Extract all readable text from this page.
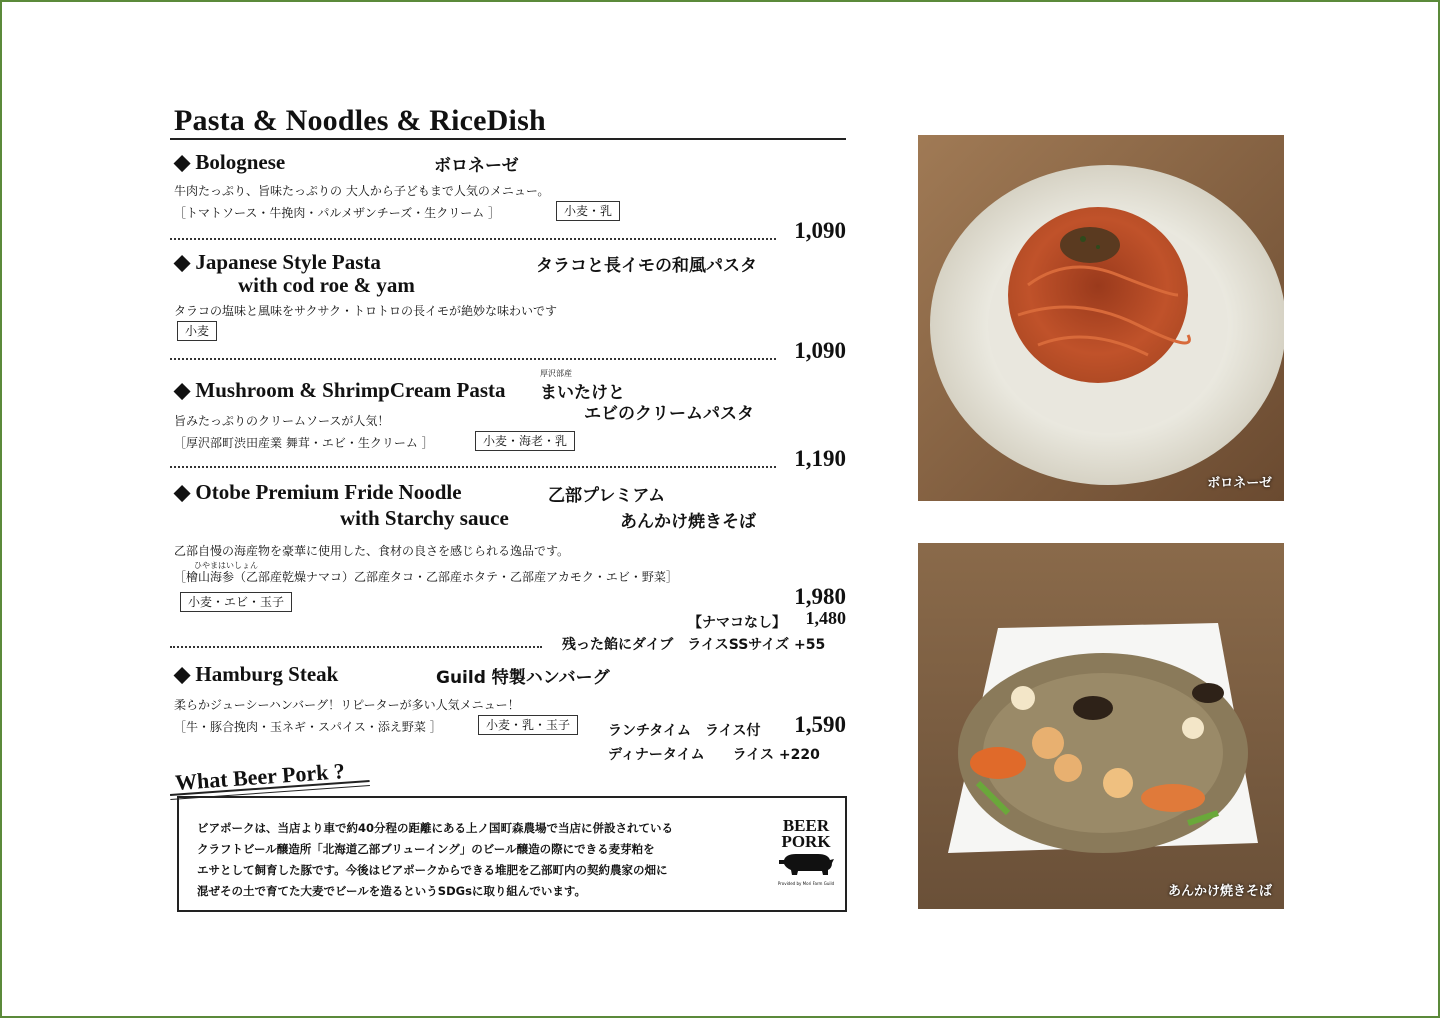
Pasta & Noodles & RiceDish
◆ Bolognese	ボロネーゼ
牛肉たっぷり、旨味たっぷりの 大人から子どもまで人気のメニュー。
［トマトソース・牛挽肉・パルメザンチーズ・生クリーム ］	小麦・乳
1,090
◆ Japanese Style Pasta
with cod roe & yam
タラコと長イモの和風パスタ
タラコの塩味と風味をサクサク・トロトロの長イモが絶妙な味わいです
小麦
1,090
◆ Mushroom & ShrimpCream Pasta
厚沢部産
まいたけと
エビのクリームパスタ
旨みたっぷりのクリームソースが人気！
［厚沢部町渋田産業 舞茸・エビ・生クリーム ］	小麦・海老・乳
1,190
◆ Otobe Premium Fride Noodle
with Starchy sauce
乙部プレミアム
あんかけ焼きそば
乙部自慢の海産物を豪華に使用した、食材の良さを感じられる逸品です。
ひやまはいしょん
［檜山海参（乙部産乾燥ナマコ）乙部産タコ・乙部産ホタテ・乙部産アカモク・エビ・野菜］
小麦・エビ・玉子	1,980
【ナマコなし】 1,480
残った餡にダイブ　ライスSSサイズ +55
◆ Hamburg Steak	Guild 特製ハンバーグ
柔らかジューシーハンバーグ！リピーターが多い人気メニュー！
［牛・豚合挽肉・玉ネギ・スパイス・添え野菜 ］	小麦・乳・玉子	ランチタイム　ライス付 1,590
ディナータイム　　ライス +220
What Beer Pork ?
ビアポークは、当店より車で約40分程の距離にある上ノ国町森農場で当店に併設されている
クラフトビール醸造所「北海道乙部ブリューイング」のビール醸造の際にできる麦芽粕を
エサとして飼育した豚です。今後はビアポークからできる堆肥を乙部町内の契約農家の畑に
混ぜその土で育てた大麦でビールを造るというSDGsに取り組んでいます。
BEER
PORK
Provided by Mori Farm Guild
ボロネーゼ
あんかけ焼きそば
